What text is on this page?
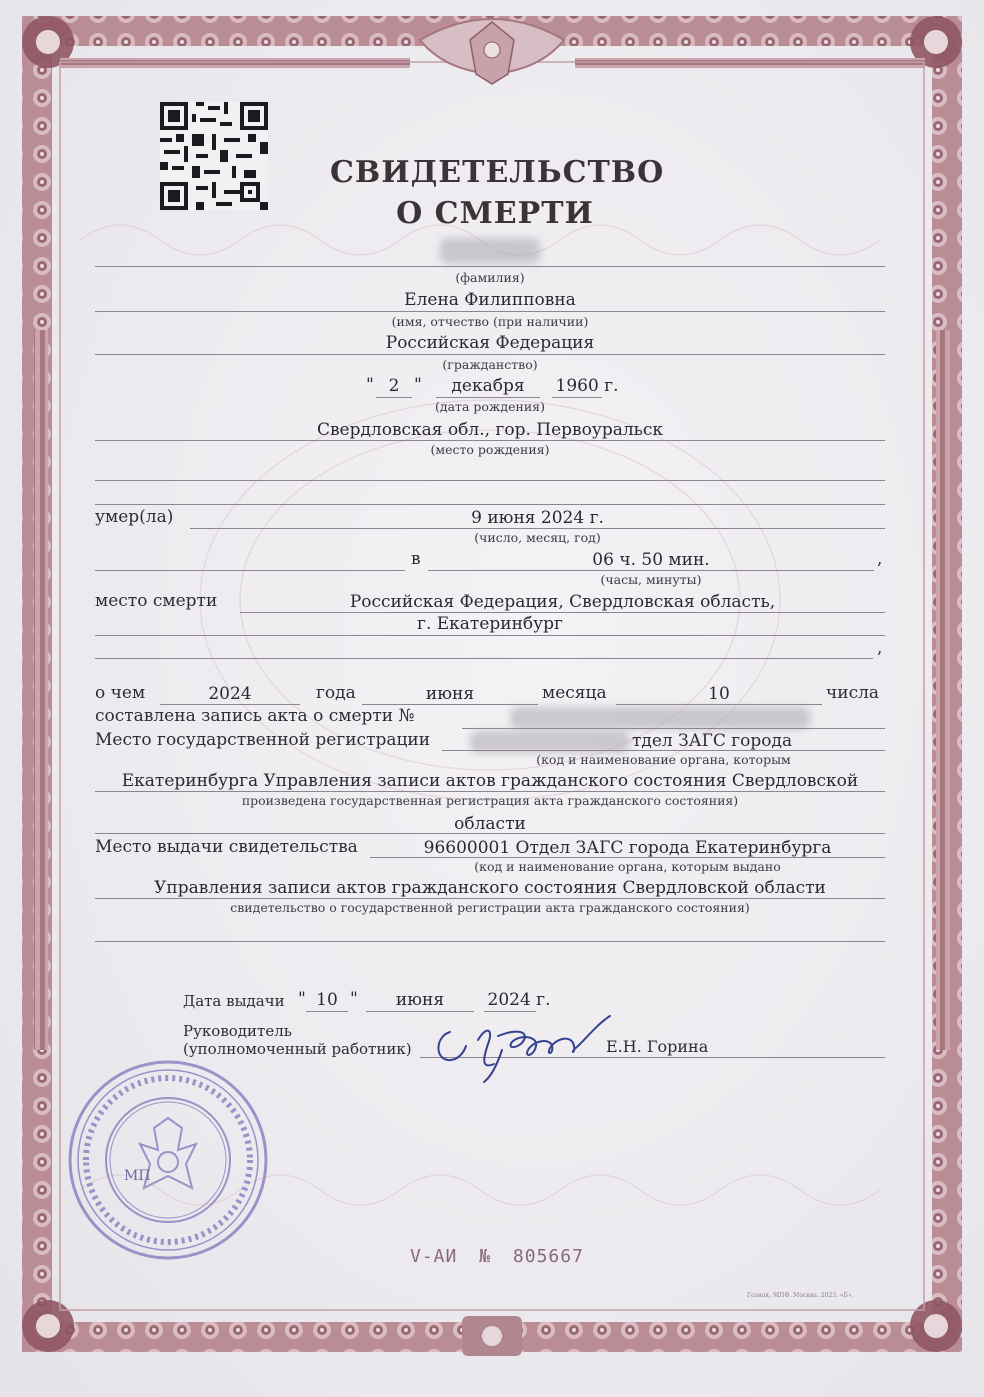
СВИДЕТЕЛЬСТВО
О СМЕРТИ
(фамилия)
Елена Филипповна
(имя, отчество (при наличии)
Российская Федерация
(гражданство)
" 2 "	декабря	1960 г.
(дата рождения)
Свердловская обл., гор. Первоуральск
(место рождения)
умер(ла)	9 июня 2024 г.
(число, месяц, год)
в	06 ч. 50 мин.	,
(часы, минуты)
место смерти	Российская Федерация, Свердловская область,
г. Екатеринбург
,
о чем	2024	года	июня	месяца	10	числа
составлена запись акта о смерти №
Место государственной регистрации	тдел ЗАГС города
(код и наименование органа, которым
Екатеринбурга Управления записи актов гражданского состояния Свердловской
произведена государственная регистрация акта гражданского состояния)
области
Место выдачи свидетельства	96600001 Отдел ЗАГС города Екатеринбурга
(код и наименование органа, которым выдано
Управления записи актов гражданского состояния Свердловской области
свидетельство о государственной регистрации акта гражданского состояния)
Дата выдачи " 10 "	июня	2024 г.
Руководитель
(уполномоченный работник)	Е.Н. Горина
МП
V-АИ № 805667
Гознак, МПФ. Москва. 2023. «Б».
